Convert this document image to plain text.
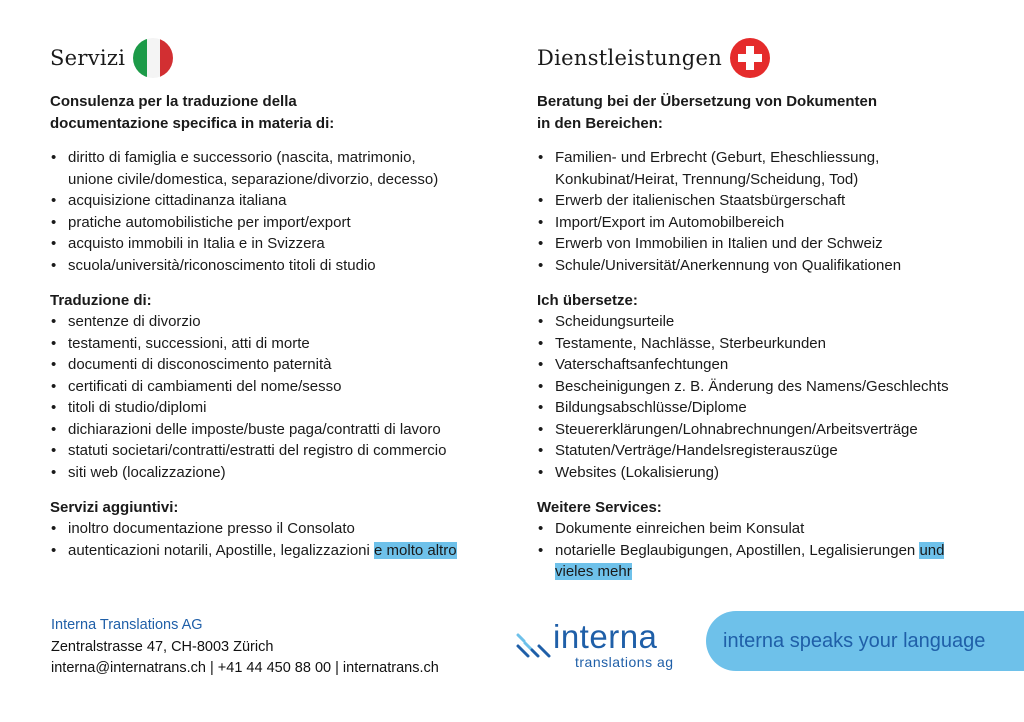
Servizi
Consulenza per la traduzione della
documentazione specifica in materia di:
• diritto di famiglia e successorio (nascita, matrimonio,
unione civile/domestica, separazione/divorzio, decesso)
• acquisizione cittadinanza italiana
• pratiche automobilistiche per import/export
• acquisto immobili in Italia e in Svizzera
• scuola/università/riconoscimento titoli di studio
Traduzione di:
• sentenze di divorzio
• testamenti, successioni, atti di morte
• documenti di disconoscimento paternità
• certificati di cambiamenti del nome/sesso
• titoli di studio/diplomi
• dichiarazioni delle imposte/buste paga/contratti di lavoro
• statuti societari/contratti/estratti del registro di commercio
• siti web (localizzazione)
Servizi aggiuntivi:
• inoltro documentazione presso il Consolato
• autenticazioni notarili, Apostille, legalizzazioni e molto altro
Dienstleistungen
Beratung bei der Übersetzung von Dokumenten
in den Bereichen:
• Familien- und Erbrecht (Geburt, Eheschliessung,
Konkubinat/Heirat, Trennung/Scheidung, Tod)
• Erwerb der italienischen Staatsbürgerschaft
• Import/Export im Automobilbereich
• Erwerb von Immobilien in Italien und der Schweiz
• Schule/Universität/Anerkennung von Qualifikationen
Ich übersetze:
• Scheidungsurteile
• Testamente, Nachlässe, Sterbeurkunden
• Vaterschaftsanfechtungen
• Bescheinigungen z. B. Änderung des Namens/Geschlechts
• Bildungsabschlüsse/Diplome
• Steuererklärungen/Lohnabrechnungen/Arbeitsverträge
• Statuten/Verträge/Handelsregisterauszüge
• Websites (Lokalisierung)
Weitere Services:
• Dokumente einreichen beim Konsulat
• notarielle Beglaubigungen, Apostillen, Legalisierungen und
vieles mehr
Interna Translations AG
Zentralstrasse 47, CH-8003 Zürich
interna@internatrans.ch | +41 44 450 88 00 | internatrans.ch
interna
translations ag
interna speaks your language
